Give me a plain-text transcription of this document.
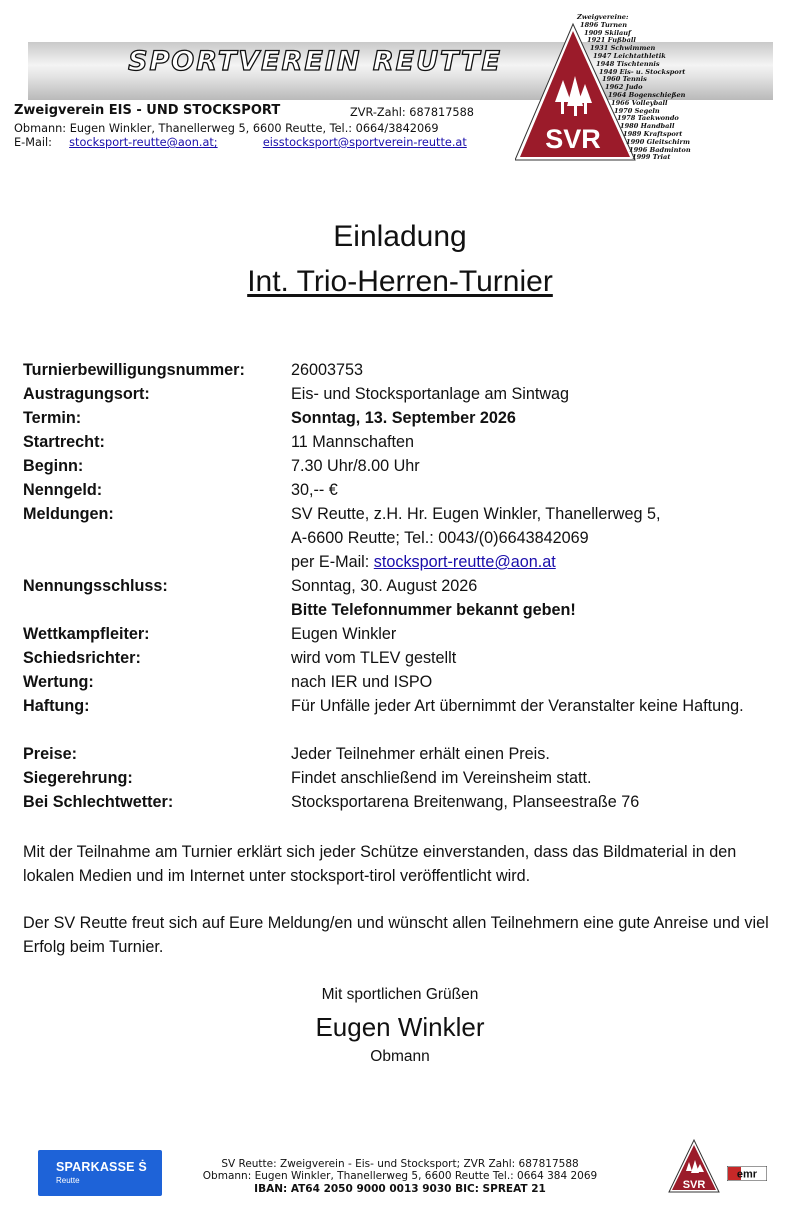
SPORTVEREIN REUTTE
SVR
Zweigvereine:
1896 Turnen
1909 Skilauf
1921 Fußball
1931 Schwimmen
1947 Leichtathletik
1948 Tischtennis
1949 Eis- u. Stocksport
1960 Tennis
1962 Judo
1964 Bogenschießen
1966 Volleyball
1970 Segeln
1978 Taekwondo
1980 Handball
1989 Kraftsport
1990 Gleitschirm
1996 Badminton
1999 Triat
Zweigverein EIS - UND STOCKSPORT	ZVR-Zahl: 687817588
Obmann: Eugen Winkler, Thanellerweg 5, 6600 Reutte, Tel.: 0664/3842069
E-Mail: stocksport-reutte@aon.at;	eisstocksport@sportverein-reutte.at
Einladung
Int. Trio-Herren-Turnier
Turnierbewilligungsnummer:	26003753
Austragungsort:	Eis- und Stocksportanlage am Sintwag
Termin:	Sonntag, 13. September 2026
Startrecht:	11 Mannschaften
Beginn:	7.30 Uhr/8.00 Uhr
Nenngeld:	30,-- €
Meldungen:	SV Reutte, z.H. Hr. Eugen Winkler, Thanellerweg 5,
A-6600 Reutte; Tel.: 0043/(0)6643842069
per E-Mail: stocksport-reutte@aon.at
Nennungsschluss:	Sonntag, 30. August 2026
Bitte Telefonnummer bekannt geben!
Wettkampfleiter:	Eugen Winkler
Schiedsrichter:	wird vom TLEV gestellt
Wertung:	nach IER und ISPO
Haftung:	Für Unfälle jeder Art übernimmt der Veranstalter keine Haftung.
Preise:	Jeder Teilnehmer erhält einen Preis.
Siegerehrung:	Findet anschließend im Vereinsheim statt.
Bei Schlechtwetter:	Stocksportarena Breitenwang, Planseestraße 76
Mit der Teilnahme am Turnier erklärt sich jeder Schütze einverstanden, dass das Bildmaterial in den lokalen Medien und im Internet unter stocksport-tirol veröffentlicht wird.
Der SV Reutte freut sich auf Eure Meldung/en und wünscht allen Teilnehmern eine gute Anreise und viel Erfolg beim Turnier.
Mit sportlichen Grüßen
Eugen Winkler
Obmann
SPARKASSE Ṡ
Reutte
SV Reutte: Zweigverein - Eis- und Stocksport; ZVR Zahl: 687817588
Obmann: Eugen Winkler, Thanellerweg 5, 6600 Reutte Tel.: 0664 384 2069
IBAN: AT64 2050 9000 0013 9030 BIC: SPREAT 21	SVR
emr
